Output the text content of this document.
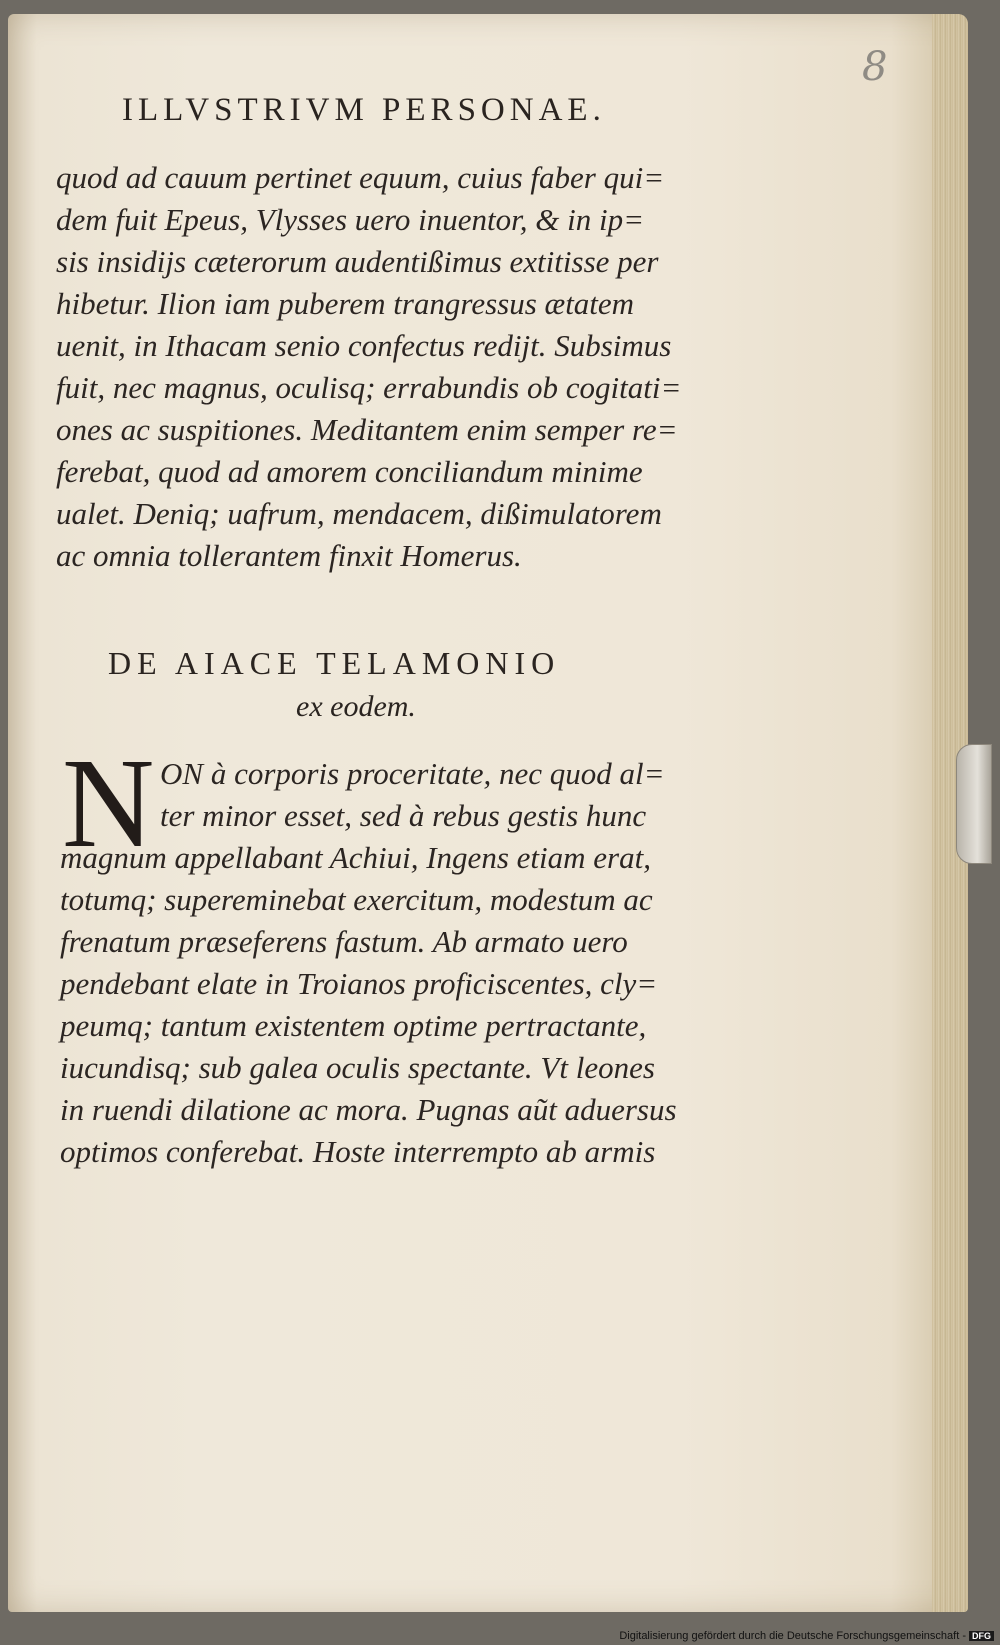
8
ILLVSTRIVM PERSONAE.
quod ad cauum pertinet equum, cuius faber qui=
dem fuit Epeus, Vlysses uero inuentor, & in ip=
sis insidijs cæterorum audentißimus extitisse per
hibetur. Ilion iam puberem trangressus ætatem
uenit, in Ithacam senio confectus redijt. Subsimus
fuit, nec magnus, oculisq; errabundis ob cogitati=
ones ac suspitiones. Meditantem enim semper re=
ferebat, quod ad amorem conciliandum minime
ualet. Deniq; uafrum, mendacem, dißimulatorem
ac omnia tollerantem finxit Homerus.
DE AIACE TELAMONIO
ex eodem.
N ON à corporis proceritate, nec quod al=
ter minor esset, sed à rebus gestis hunc
magnum appellabant Achiui, Ingens etiam erat,
totumq; supereminebat exercitum, modestum ac
frenatum præseferens fastum. Ab armato uero
pendebant elate in Troianos proficiscentes, cly=
peumq; tantum existentem optime pertractante,
iucundisq; sub galea oculis spectante. Vt leones
in ruendi dilatione ac mora. Pugnas aũt aduersus
optimos conferebat. Hoste interrempto ab armis
Digitalisierung gefördert durch die Deutsche Forschungsgemeinschaft - DFG
